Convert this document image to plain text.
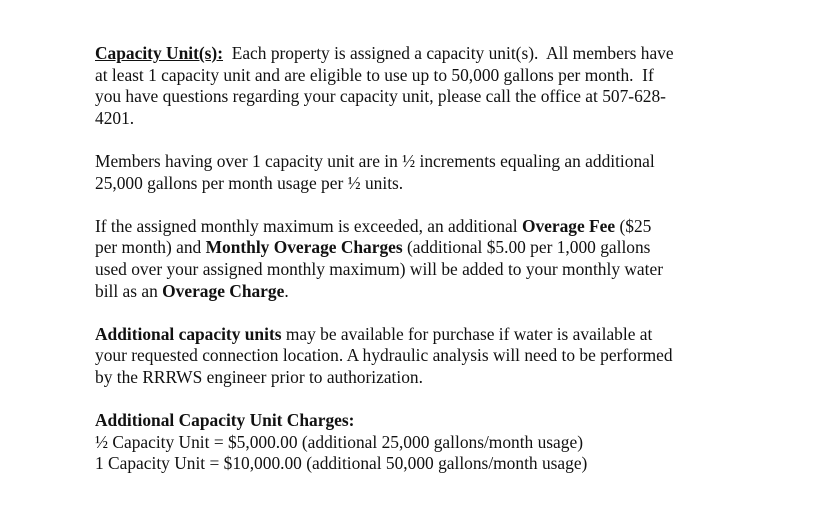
Capacity Unit(s):  Each property is assigned a capacity unit(s).  All members have
at least 1 capacity unit and are eligible to use up to 50,000 gallons per month.  If
you have questions regarding your capacity unit, please call the office at 507-628-
4201.

Members having over 1 capacity unit are in ½ increments equaling an additional
25,000 gallons per month usage per ½ units.

If the assigned monthly maximum is exceeded, an additional Overage Fee ($25
per month) and Monthly Overage Charges (additional $5.00 per 1,000 gallons
used over your assigned monthly maximum) will be added to your monthly water
bill as an Overage Charge.

Additional capacity units may be available for purchase if water is available at
your requested connection location. A hydraulic analysis will need to be performed
by the RRRWS engineer prior to authorization.

Additional Capacity Unit Charges:
½ Capacity Unit = $5,000.00 (additional 25,000 gallons/month usage)
1 Capacity Unit = $10,000.00 (additional 50,000 gallons/month usage)
